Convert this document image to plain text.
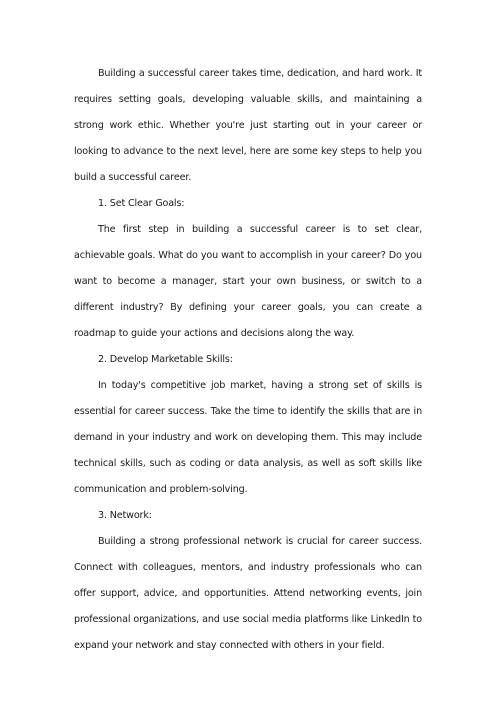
Building a successful career takes time, dedication, and hard work. It requires setting goals, developing valuable skills, and maintaining a strong work ethic. Whether you're just starting out in your career or looking to advance to the next level, here are some key steps to help you build a successful career.

1. Set Clear Goals:

The first step in building a successful career is to set clear, achievable goals. What do you want to accomplish in your career? Do you want to become a manager, start your own business, or switch to a different industry? By defining your career goals, you can create a roadmap to guide your actions and decisions along the way.

2. Develop Marketable Skills:

In today's competitive job market, having a strong set of skills is essential for career success. Take the time to identify the skills that are in demand in your industry and work on developing them. This may include technical skills, such as coding or data analysis, as well as soft skills like communication and problem-solving.

3. Network:

Building a strong professional network is crucial for career success. Connect with colleagues, mentors, and industry professionals who can offer support, advice, and opportunities. Attend networking events, join professional organizations, and use social media platforms like LinkedIn to expand your network and stay connected with others in your field.
